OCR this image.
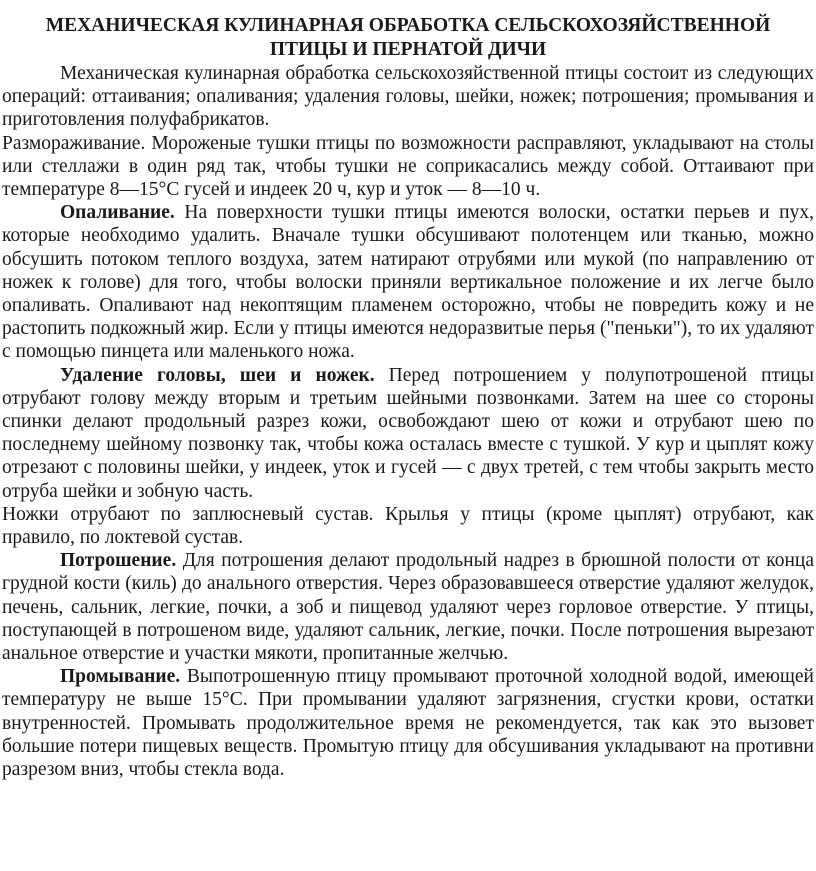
МЕХАНИЧЕСКАЯ КУЛИНАРНАЯ ОБРАБОТКА СЕЛЬСКОХОЗЯЙСТВЕННОЙ
ПТИЦЫ И ПЕРНАТОЙ ДИЧИ

Механическая кулинарная обработка сельскохозяйственной птицы состоит из следующих операций: оттаивания; опаливания; удаления головы, шейки, ножек; потрошения; промывания и приготовления полуфабрикатов.

Размораживание. Мороженые тушки птицы по возможности расправляют, укладывают на столы или стеллажи в один ряд так, чтобы тушки не соприкасались между собой. Оттаивают при температуре 8—15°С гусей и индеек 20 ч, кур и уток — 8—10 ч.

Опаливание. На поверхности тушки птицы имеются волоски, остатки перьев и пух, которые необходимо удалить. Вначале тушки обсушивают полотенцем или тканью, можно обсушить потоком теплого воздуха, затем натирают отрубями или мукой (по направлению от ножек к голове) для того, чтобы волоски приняли вертикальное положение и их легче было опаливать. Опаливают над некоптящим пламенем осторожно, чтобы не повредить кожу и не растопить подкожный жир. Если у птицы имеются недоразвитые перья ("пеньки"), то их удаляют с помощью пинцета или маленького ножа.

Удаление головы, шеи и ножек. Перед потрошением у полупотрошеной птицы отрубают голову между вторым и третьим шейными позвонками. Затем на шее со стороны спинки делают продольный разрез кожи, освобождают шею от кожи и отрубают шею по последнему шейному позвонку так, чтобы кожа осталась вместе с тушкой. У кур и цыплят кожу отрезают с половины шейки, у индеек, уток и гусей — с двух третей, с тем чтобы закрыть место отруба шейки и зобную часть.

Ножки отрубают по заплюсневый сустав. Крылья у птицы (кроме цыплят) отрубают, как правило, по локтевой сустав.

Потрошение. Для потрошения делают продольный надрез в брюшной полости от конца грудной кости (киль) до анального отверстия. Через образовавшееся отверстие удаляют желудок, печень, сальник, легкие, почки, а зоб и пищевод удаляют через горловое отверстие. У птицы, поступающей в потрошеном виде, удаляют сальник, легкие, почки. После потрошения вырезают анальное отверстие и участки мякоти, пропитанные желчью.

Промывание. Выпотрошенную птицу промывают проточной холодной водой, имеющей температуру не выше 15°С. При промывании удаляют загрязнения, сгустки крови, остатки внутренностей. Промывать продолжительное время не рекомендуется, так как это вызовет большие потери пищевых веществ. Промытую птицу для обсушивания укладывают на противни разрезом вниз, чтобы стекла вода.
